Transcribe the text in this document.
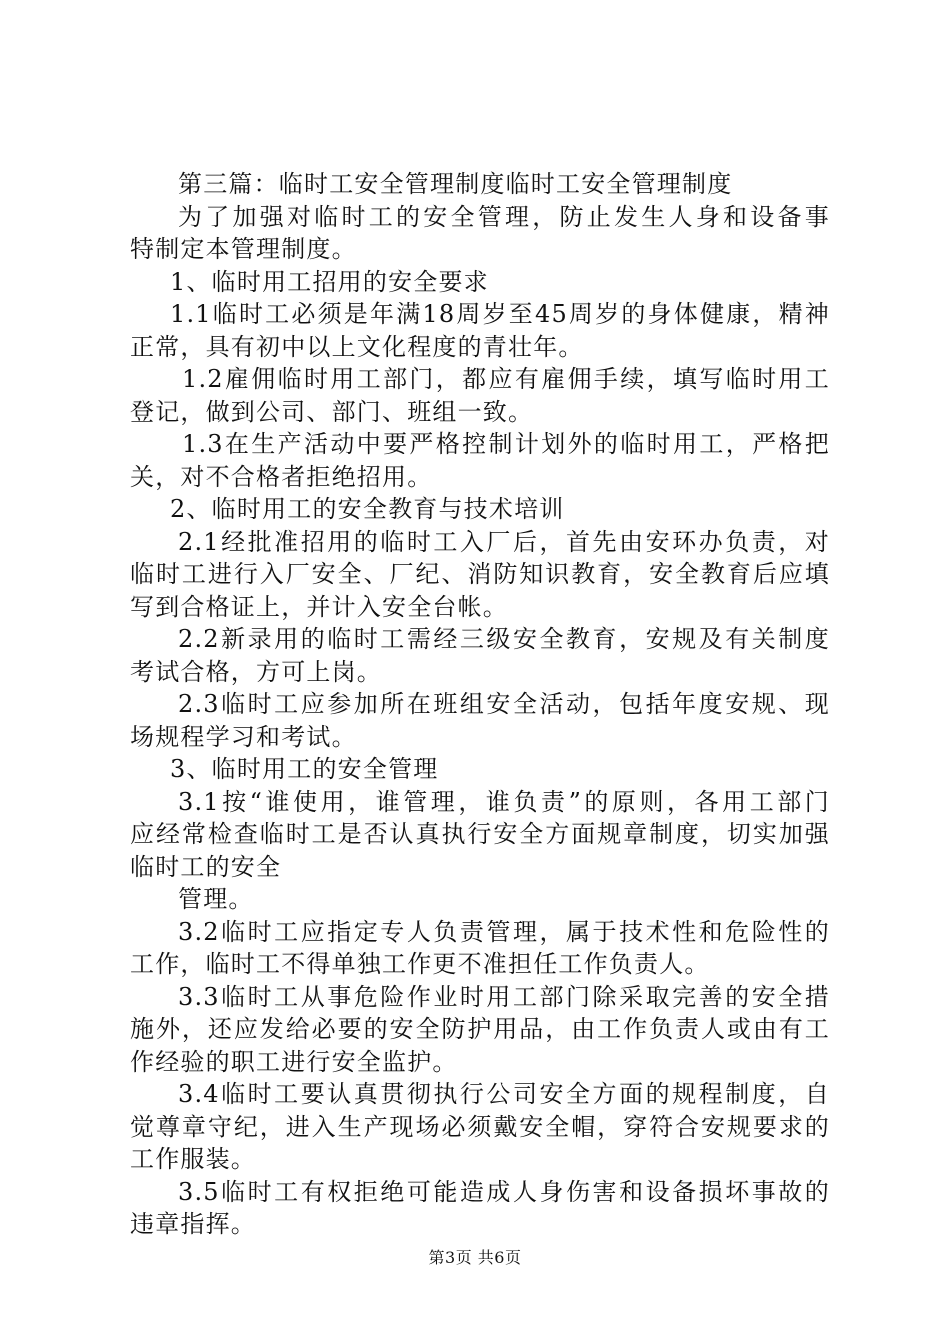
第三篇：临时工安全管理制度临时工安全管理制度
为了加强对临时工的安全管理，防止发生人身和设备事
特制定本管理制度。
1、临时用工招用的安全要求
1.1临时工必须是年满18周岁至45周岁的身体健康，精神
正常，具有初中以上文化程度的青壮年。
1.2雇佣临时用工部门，都应有雇佣手续，填写临时用工
登记，做到公司、部门、班组一致。
1.3在生产活动中要严格控制计划外的临时用工，严格把
关，对不合格者拒绝招用。
2、临时用工的安全教育与技术培训
2.1经批准招用的临时工入厂后，首先由安环办负责，对
临时工进行入厂安全、厂纪、消防知识教育，安全教育后应填
写到合格证上，并计入安全台帐。
2.2新录用的临时工需经三级安全教育，安规及有关制度
考试合格，方可上岗。
2.3临时工应参加所在班组安全活动，包括年度安规、现
场规程学习和考试。
3、临时用工的安全管理
3.1按“谁使用，谁管理，谁负责”的原则，各用工部门
应经常检查临时工是否认真执行安全方面规章制度，切实加强
临时工的安全
管理。
3.2临时工应指定专人负责管理，属于技术性和危险性的
工作，临时工不得单独工作更不准担任工作负责人。
3.3临时工从事危险作业时用工部门除采取完善的安全措
施外，还应发给必要的安全防护用品，由工作负责人或由有工
作经验的职工进行安全监护。
3.4临时工要认真贯彻执行公司安全方面的规程制度，自
觉尊章守纪，进入生产现场必须戴安全帽，穿符合安规要求的
工作服装。
3.5临时工有权拒绝可能造成人身伤害和设备损坏事故的
违章指挥。
第3页 共6页
